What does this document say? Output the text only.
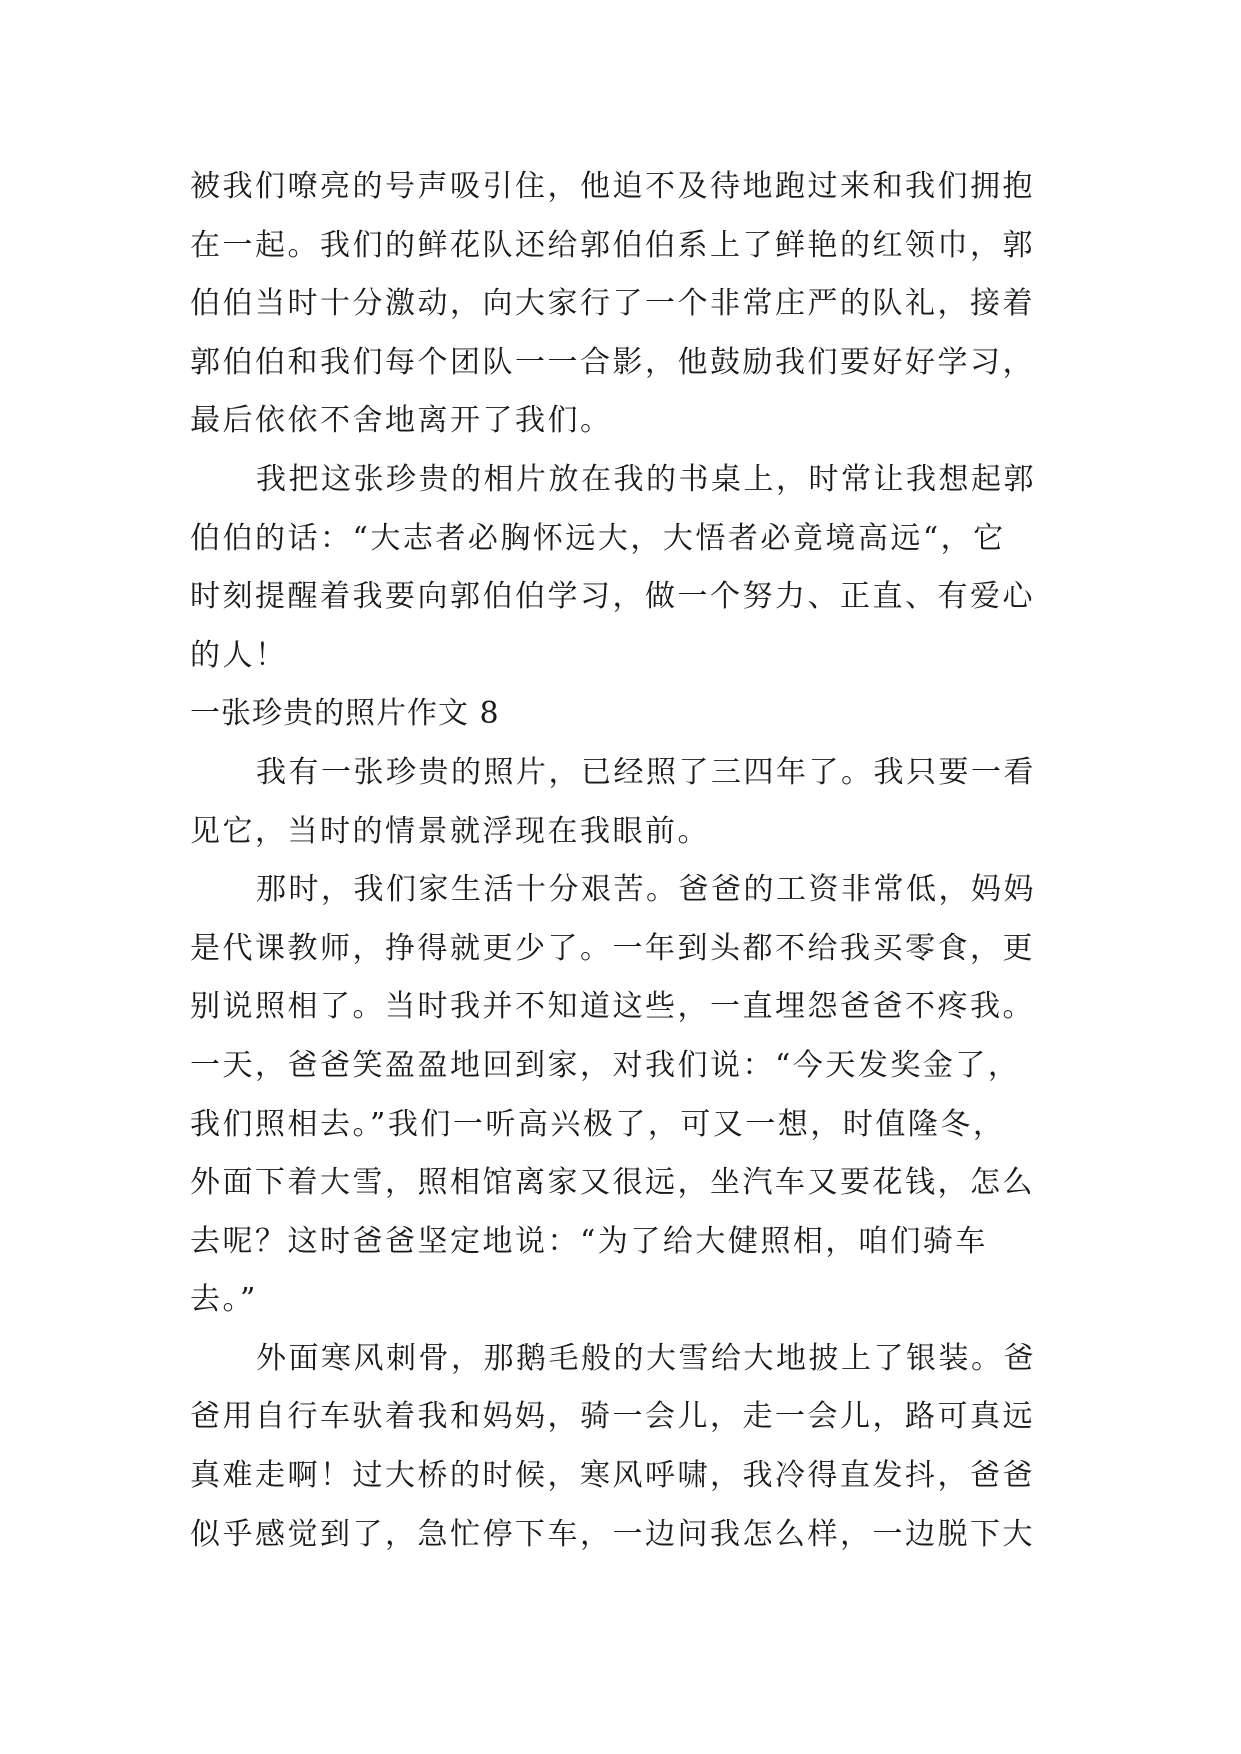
被我们嘹亮的号声吸引住，他迫不及待地跑过来和我们拥抱
在一起。我们的鲜花队还给郭伯伯系上了鲜艳的红领巾，郭
伯伯当时十分激动，向大家行了一个非常庄严的队礼，接着
郭伯伯和我们每个团队一一合影，他鼓励我们要好好学习，
最后依依不舍地离开了我们。
我把这张珍贵的相片放在我的书桌上，时常让我想起郭
伯伯的话：“大志者必胸怀远大，大悟者必竟境高远“，它
时刻提醒着我要向郭伯伯学习，做一个努力、正直、有爱心
的人！
一张珍贵的照片作文 8
我有一张珍贵的照片，已经照了三四年了。我只要一看
见它，当时的情景就浮现在我眼前。
那时，我们家生活十分艰苦。爸爸的工资非常低，妈妈
是代课教师，挣得就更少了。一年到头都不给我买零食，更
别说照相了。当时我并不知道这些，一直埋怨爸爸不疼我。
一天，爸爸笑盈盈地回到家，对我们说：“今天发奖金了，
我们照相去。”我们一听高兴极了，可又一想，时值隆冬，
外面下着大雪，照相馆离家又很远，坐汽车又要花钱，怎么
去呢？这时爸爸坚定地说：“为了给大健照相，咱们骑车
去。”
外面寒风刺骨，那鹅毛般的大雪给大地披上了银装。爸
爸用自行车驮着我和妈妈，骑一会儿，走一会儿，路可真远
真难走啊！过大桥的时候，寒风呼啸，我冷得直发抖，爸爸
似乎感觉到了，急忙停下车，一边问我怎么样，一边脱下大
